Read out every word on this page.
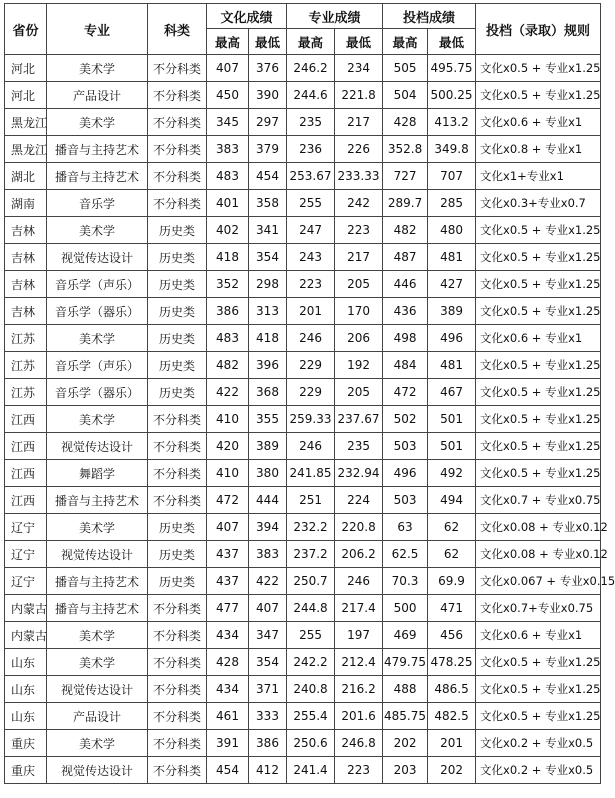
省份	专业	科类	文化成绩		专业成绩		投档成绩		投档（录取）规则
			最高	最低	最高	最低	最高	最低	
河北	美术学	不分科类	407	376	246.2	234	505	495.75	文化x0.5 + 专业x1.25
河北	产品设计	不分科类	450	390	244.6	221.8	504	500.25	文化x0.5 + 专业x1.25
黑龙江	美术学	不分科类	345	297	235	217	428	413.2	文化x0.6 + 专业x1
黑龙江	播音与主持艺术	不分科类	383	379	236	226	352.8	349.8	文化x0.8 + 专业x1
湖北	播音与主持艺术	不分科类	483	454	253.67	233.33	727	707	文化x1+专业x1
湖南	音乐学	不分科类	401	358	255	242	289.7	285	文化x0.3+专业x0.7
吉林	美术学	历史类	402	341	247	223	482	480	文化x0.5 + 专业x1.25
吉林	视觉传达设计	历史类	418	354	243	217	487	481	文化x0.5 + 专业x1.25
吉林	音乐学（声乐）	历史类	352	298	223	205	446	427	文化x0.5 + 专业x1.25
吉林	音乐学（器乐）	历史类	386	313	201	170	436	389	文化x0.5 + 专业x1.25
江苏	美术学	历史类	483	418	246	206	498	496	文化x0.6 + 专业x1
江苏	音乐学（声乐）	历史类	482	396	229	192	484	481	文化x0.5 + 专业x1.25
江苏	音乐学（器乐）	历史类	422	368	229	205	472	467	文化x0.5 + 专业x1.25
江西	美术学	不分科类	410	355	259.33	237.67	502	501	文化x0.5 + 专业x1.25
江西	视觉传达设计	不分科类	420	389	246	235	503	501	文化x0.5 + 专业x1.25
江西	舞蹈学	不分科类	410	380	241.85	232.94	496	492	文化x0.5 + 专业x1.25
江西	播音与主持艺术	不分科类	472	444	251	224	503	494	文化x0.7 + 专业x0.75
辽宁	美术学	历史类	407	394	232.2	220.8	63	62	文化x0.08 + 专业x0.12
辽宁	视觉传达设计	历史类	437	383	237.2	206.2	62.5	62	文化x0.08 + 专业x0.12
辽宁	播音与主持艺术	历史类	437	422	250.7	246	70.3	69.9	文化x0.067 + 专业x0.15
内蒙古	播音与主持艺术	不分科类	477	407	244.8	217.4	500	471	文化x0.7+专业x0.75
内蒙古	美术学	不分科类	434	347	255	197	469	456	文化x0.6 + 专业x1
山东	美术学	不分科类	428	354	242.2	212.4	479.75	478.25	文化x0.5 + 专业x1.25
山东	视觉传达设计	不分科类	434	371	240.8	216.2	488	486.5	文化x0.5 + 专业x1.25
山东	产品设计	不分科类	461	333	255.4	201.6	485.75	482.5	文化x0.5 + 专业x1.25
重庆	美术学	不分科类	391	386	250.6	246.8	202	201	文化x0.2 + 专业x0.5
重庆	视觉传达设计	不分科类	454	412	241.4	223	203	202	文化x0.2 + 专业x0.5
